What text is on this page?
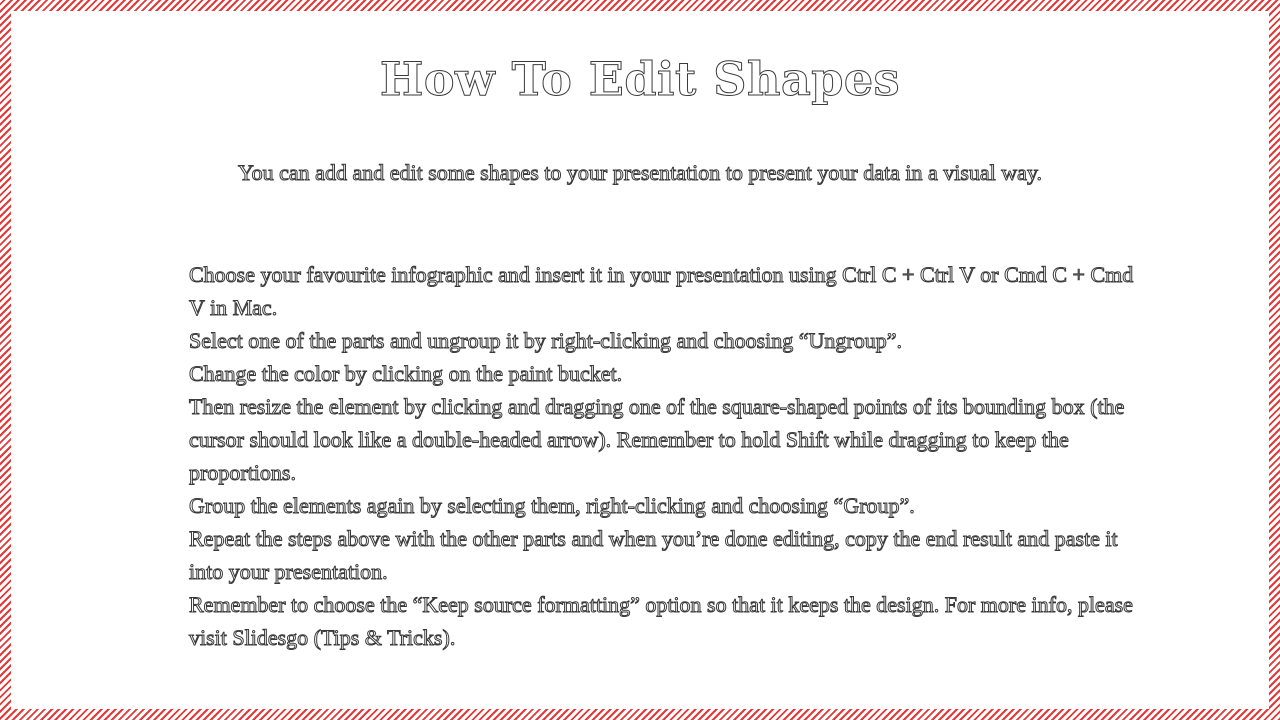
How To Edit Shapes

You can add and edit some shapes to your presentation to present your data in a visual way.

Choose your favourite infographic and insert it in your presentation using Ctrl C + Ctrl V or Cmd C + Cmd V in Mac.
Select one of the parts and ungroup it by right-clicking and choosing “Ungroup”.
Change the color by clicking on the paint bucket.
Then resize the element by clicking and dragging one of the square-shaped points of its bounding box (the cursor should look like a double-headed arrow). Remember to hold Shift while dragging to keep the proportions.
Group the elements again by selecting them, right-clicking and choosing “Group”.
Repeat the steps above with the other parts and when you’re done editing, copy the end result and paste it into your presentation.
Remember to choose the “Keep source formatting” option so that it keeps the design. For more info, please visit Slidesgo (Tips & Tricks).
